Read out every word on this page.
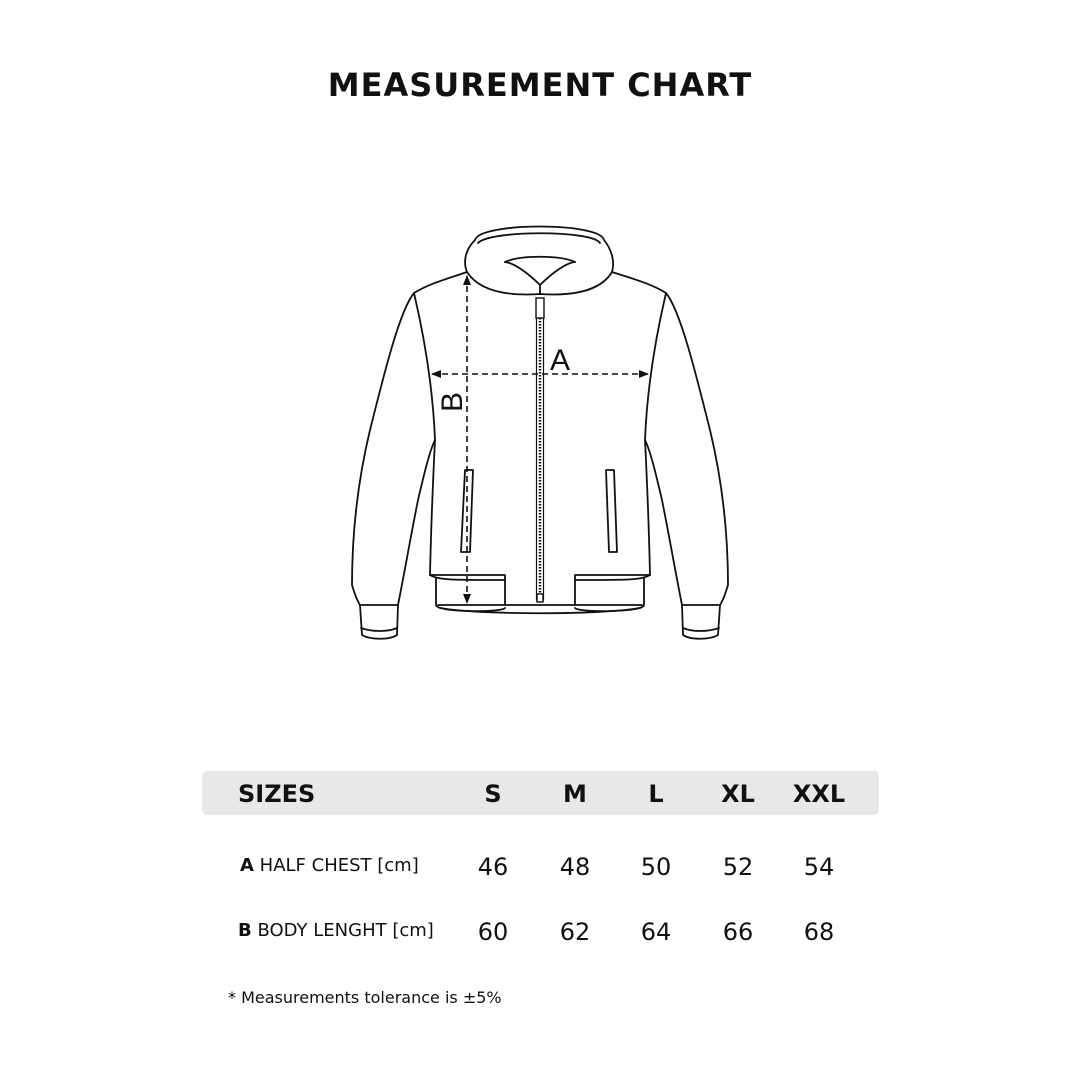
MEASUREMENT CHART
A
B
SIZES	S	M	L	XL	XXL
A HALF CHEST [cm]	46	48	50	52	54
B BODY LENGHT [cm]	60	62	64	66	68
* Measurements tolerance is ±5%
